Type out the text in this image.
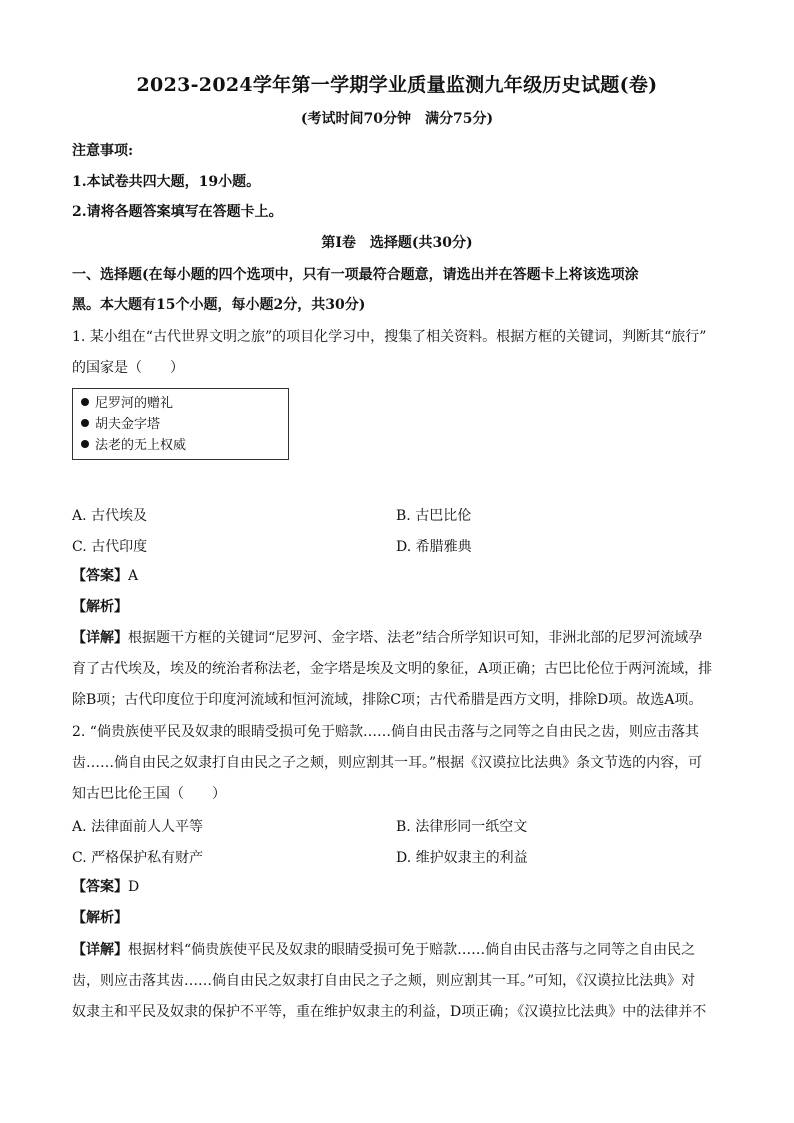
2023-2024学年第一学期学业质量监测九年级历史试题(卷)
(考试时间70分钟　满分75分)
注意事项:
1.本试卷共四大题，19小题。
2.请将各题答案填写在答题卡上。
第Ⅰ卷　选择题(共30分)
一、选择题(在每小题的四个选项中，只有一项最符合题意，请选出并在答题卡上将该选项涂
黑。本大题有15个小题，每小题2分，共30分)
1. 某小组在“古代世界文明之旅”的项目化学习中，搜集了相关资料。根据方框的关键词，判断其“旅行”
的国家是（　　）
尼罗河的赠礼
胡夫金字塔
法老的无上权威
A. 古代埃及	B. 古巴比伦
C. 古代印度	D. 希腊雅典
【答案】A
【解析】
【详解】根据题干方框的关键词“尼罗河、金字塔、法老”结合所学知识可知，非洲北部的尼罗河流域孕
育了古代埃及，埃及的统治者称法老，金字塔是埃及文明的象征，A项正确；古巴比伦位于两河流域，排
除B项；古代印度位于印度河流域和恒河流域，排除C项；古代希腊是西方文明，排除D项。故选A项。
2. “倘贵族使平民及奴隶的眼睛受损可免于赔款……倘自由民击落与之同等之自由民之齿，则应击落其
齿……倘自由民之奴隶打自由民之子之颊，则应割其一耳。”根据《汉谟拉比法典》条文节选的内容，可
知古巴比伦王国（　　）
A. 法律面前人人平等	B. 法律形同一纸空文
C. 严格保护私有财产	D. 维护奴隶主的利益
【答案】D
【解析】
【详解】根据材料“倘贵族使平民及奴隶的眼睛受损可免于赔款……倘自由民击落与之同等之自由民之
齿，则应击落其齿……倘自由民之奴隶打自由民之子之颊，则应割其一耳。”可知，《汉谟拉比法典》对
奴隶主和平民及奴隶的保护不平等，重在维护奴隶主的利益，D项正确；《汉谟拉比法典》中的法律并不
